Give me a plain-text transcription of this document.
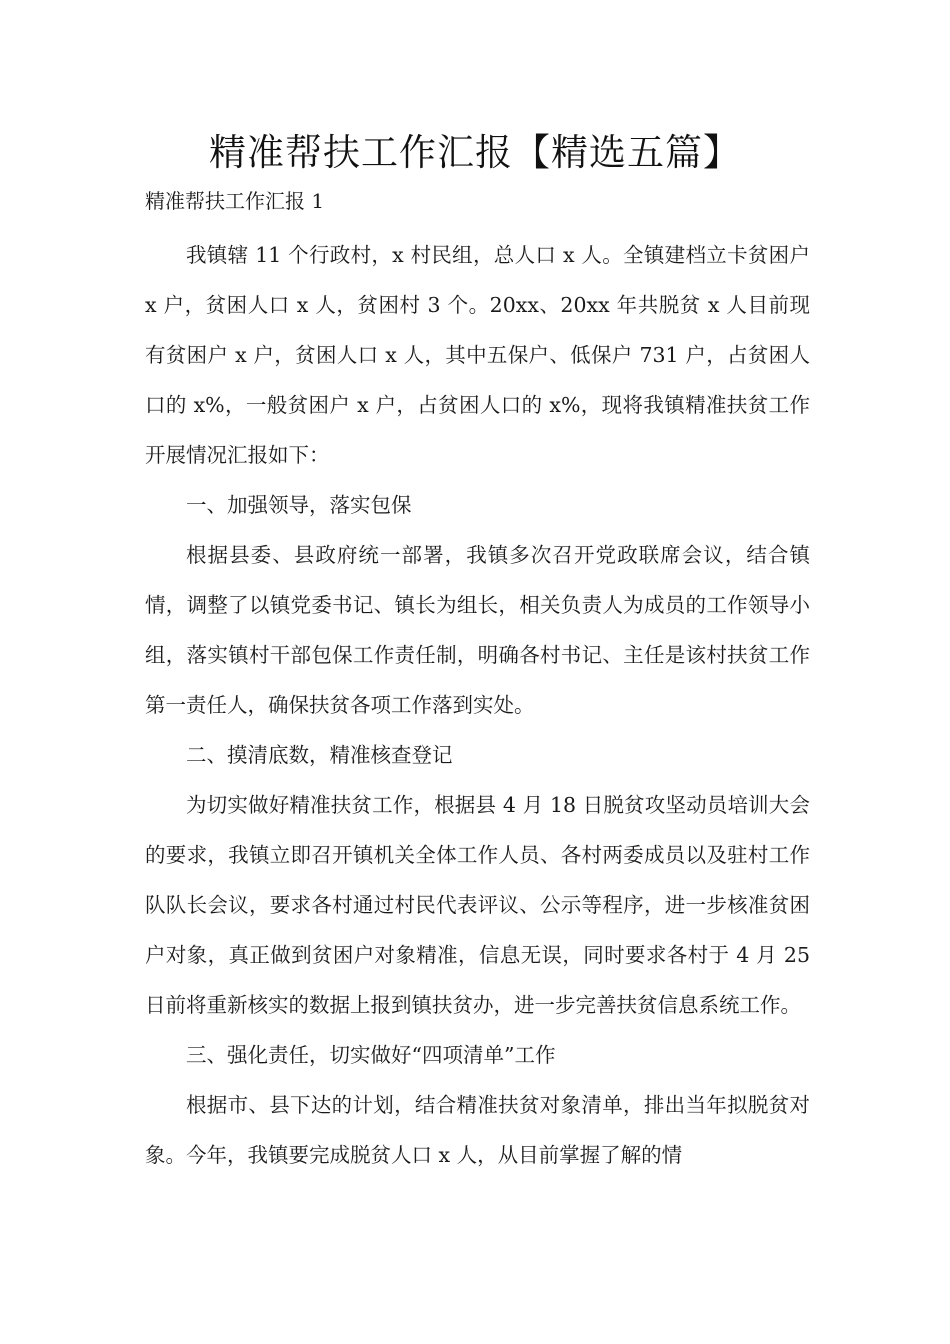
精准帮扶工作汇报【精选五篇】
精准帮扶工作汇报 1

我镇辖 11 个行政村，x 村民组，总人口 x 人。全镇建档立卡贫困户 x 户，贫困人口 x 人，贫困村 3 个。20xx、20xx 年共脱贫 x 人目前现有贫困户 x 户，贫困人口 x 人，其中五保户、低保户 731 户，占贫困人口的 x%，一般贫困户 x 户，占贫困人口的 x%，现将我镇精准扶贫工作开展情况汇报如下：

一、加强领导，落实包保

根据县委、县政府统一部署，我镇多次召开党政联席会议，结合镇情，调整了以镇党委书记、镇长为组长，相关负责人为成员的工作领导小组，落实镇村干部包保工作责任制，明确各村书记、主任是该村扶贫工作第一责任人，确保扶贫各项工作落到实处。

二、摸清底数，精准核查登记

为切实做好精准扶贫工作，根据县 4 月 18 日脱贫攻坚动员培训大会的要求，我镇立即召开镇机关全体工作人员、各村两委成员以及驻村工作队队长会议，要求各村通过村民代表评议、公示等程序，进一步核准贫困户对象，真正做到贫困户对象精准，信息无误，同时要求各村于 4 月 25 日前将重新核实的数据上报到镇扶贫办，进一步完善扶贫信息系统工作。

三、强化责任，切实做好“四项清单”工作

根据市、县下达的计划，结合精准扶贫对象清单，排出当年拟脱贫对象。今年，我镇要完成脱贫人口 x 人，从目前掌握了解的情
